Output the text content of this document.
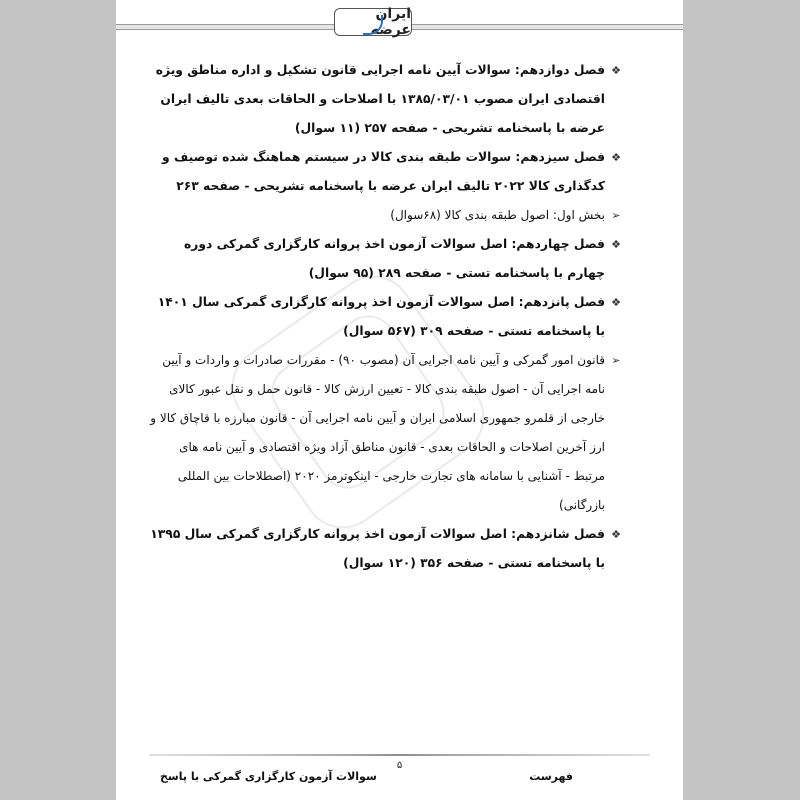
ایران عرضه
❖
فصل دوازدهم: سوالات آیین نامه اجرایی قانون تشکیل و اداره مناطق ویژه اقتصادی ایران مصوب ۱۳۸۵/۰۳/۰۱ با اصلاحات و الحاقات بعدی تالیف ایران عرضه با پاسخنامه تشریحی - صفحه ۲۵۷ (۱۱ سوال)
❖
فصل سیزدهم: سوالات طبقه بندی کالا در سیستم هماهنگ شده توصیف و کدگذاری کالا ۲۰۲۲ تالیف ایران عرضه با پاسخنامه تشریحی - صفحه ۲۶۳
➢
بخش اول: اصول طبقه بندی کالا (۶۸سوال)
❖
فصل چهاردهم: اصل سوالات آزمون اخذ پروانه کارگزاری گمرکی دوره چهارم با پاسخنامه تستی - صفحه ۲۸۹ (۹۵ سوال)
❖
فصل پانزدهم: اصل سوالات آزمون اخذ پروانه کارگزاری گمرکی سال ۱۴۰۱ با پاسخنامه تستی - صفحه ۳۰۹ (۵۶۷ سوال)
➢
قانون امور گمرکی و آیین نامه اجرایی آن (مصوب ۹۰) - مقررات صادرات و واردات و آیین نامه اجرایی آن - اصول طبقه بندی کالا - تعیین ارزش کالا - قانون حمل و نقل عبور کالای خارجی از قلمرو جمهوری اسلامی ایران و آیین نامه اجرایی آن - قانون مبارزه با قاچاق کالا و ارز آخرین اصلاحات و الحاقات بعدی - قانون مناطق آزاد ویژه اقتصادی و آیین نامه های مرتبط - آشنایی با سامانه های تجارت خارجی - اینکوترمز ۲۰۲۰ (اصطلاحات بین المللی بازرگانی)
❖
فصل شانزدهم: اصل سوالات آزمون اخذ پروانه کارگزاری گمرکی سال ۱۳۹۵ با پاسخنامه تستی - صفحه ۳۵۶ (۱۲۰ سوال)
۵
سوالات آزمون کارگزاری گمرکی با پاسخ	فهرست
